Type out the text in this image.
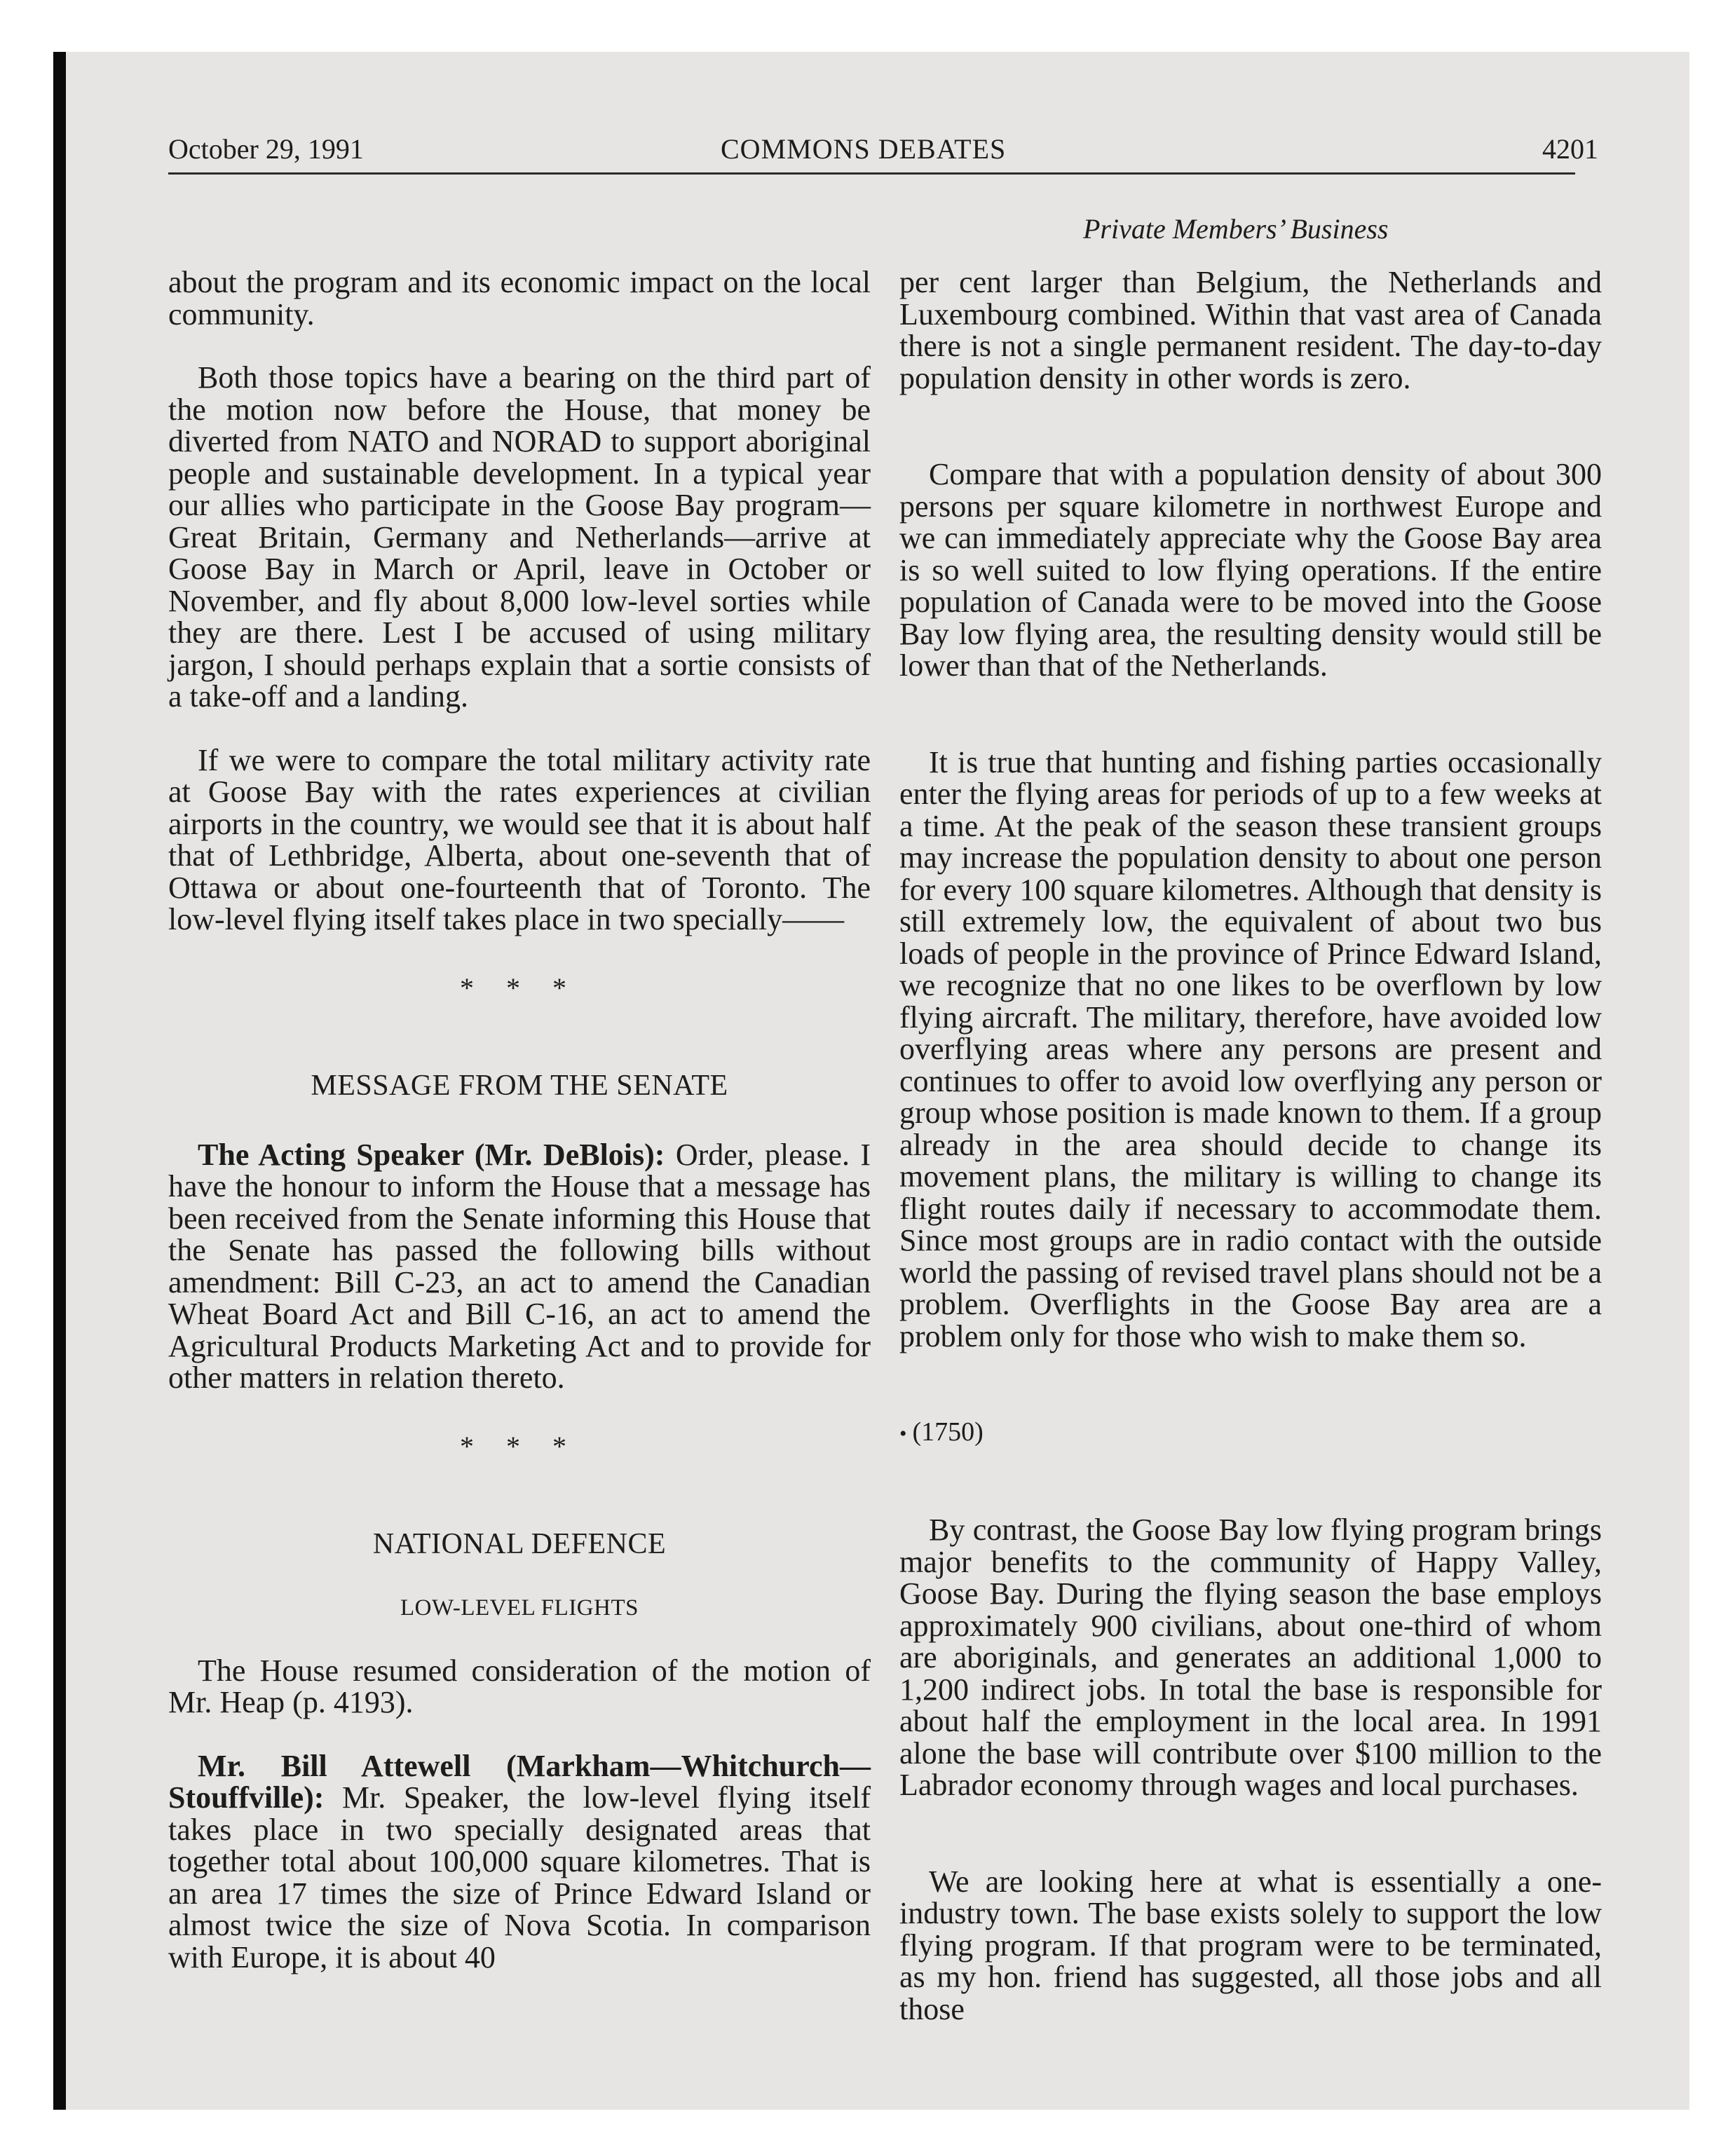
October 29, 1991	COMMONS DEBATES	4201
Private Members’ Business

about the program and its economic impact on the local community.

Both those topics have a bearing on the third part of the motion now before the House, that money be diverted from NATO and NORAD to support aboriginal people and sustainable development. In a typical year our allies who participate in the Goose Bay program—Great Britain, Germany and Netherlands—arrive at Goose Bay in March or April, leave in October or November, and fly about 8,000 low-level sorties while they are there. Lest I be accused of using military jargon, I should perhaps explain that a sortie consists of a take-off and a landing.

If we were to compare the total military activity rate at Goose Bay with the rates experiences at civilian airports in the country, we would see that it is about half that of Lethbridge, Alberta, about one-seventh that of Ottawa or about one-fourteenth that of Toronto. The low-level flying itself takes place in two specially——

* * *
MESSAGE FROM THE SENATE

The Acting Speaker (Mr. DeBlois): Order, please. I have the honour to inform the House that a message has been received from the Senate informing this House that the Senate has passed the following bills without amendment: Bill C-23, an act to amend the Canadian Wheat Board Act and Bill C-16, an act to amend the Agricultural Products Marketing Act and to provide for other matters in relation thereto.

* * *
NATIONAL DEFENCE
LOW-LEVEL FLIGHTS

The House resumed consideration of the motion of Mr. Heap (p. 4193).

Mr. Bill Attewell (Markham—Whitchurch—Stouffville): Mr. Speaker, the low-level flying itself takes place in two specially designated areas that together total about 100,000 square kilometres. That is an area 17 times the size of Prince Edward Island or almost twice the size of Nova Scotia. In comparison with Europe, it is about 40

per cent larger than Belgium, the Netherlands and Luxembourg combined. Within that vast area of Canada there is not a single permanent resident. The day-to-day population density in other words is zero.

Compare that with a population density of about 300 persons per square kilometre in northwest Europe and we can immediately appreciate why the Goose Bay area is so well suited to low flying operations. If the entire population of Canada were to be moved into the Goose Bay low flying area, the resulting density would still be lower than that of the Netherlands.

It is true that hunting and fishing parties occasionally enter the flying areas for periods of up to a few weeks at a time. At the peak of the season these transient groups may increase the population density to about one person for every 100 square kilometres. Although that density is still extremely low, the equivalent of about two bus loads of people in the province of Prince Edward Island, we recognize that no one likes to be overflown by low flying aircraft. The military, therefore, have avoided low overflying areas where any persons are present and continues to offer to avoid low overflying any person or group whose position is made known to them. If a group already in the area should decide to change its movement plans, the military is willing to change its flight routes daily if necessary to accommodate them. Since most groups are in radio contact with the outside world the passing of revised travel plans should not be a problem. Overflights in the Goose Bay area are a problem only for those who wish to make them so.

• (1750)

By contrast, the Goose Bay low flying program brings major benefits to the community of Happy Valley, Goose Bay. During the flying season the base employs approximately 900 civilians, about one-third of whom are aboriginals, and generates an additional 1,000 to 1,200 indirect jobs. In total the base is responsible for about half the employment in the local area. In 1991 alone the base will contribute over $100 million to the Labrador economy through wages and local purchases.

We are looking here at what is essentially a one-industry town. The base exists solely to support the low flying program. If that program were to be terminated, as my hon. friend has suggested, all those jobs and all those
